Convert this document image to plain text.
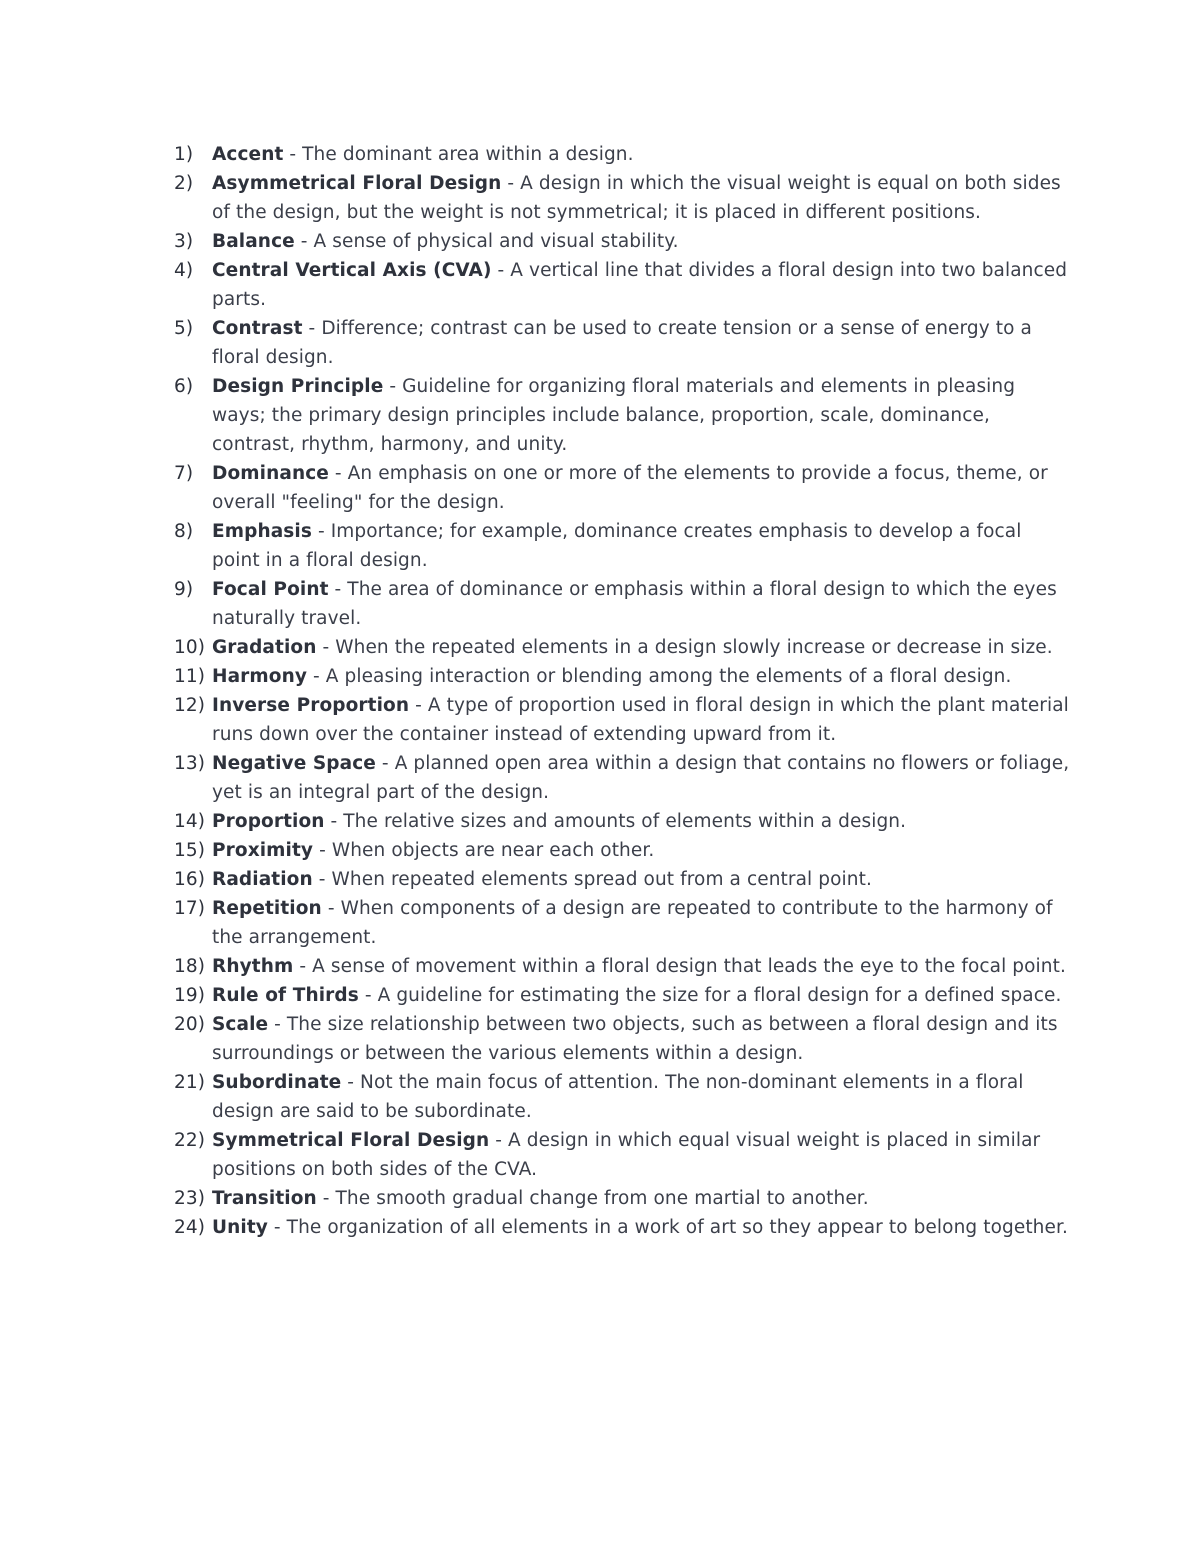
1)	Accent - The dominant area within a design.
2)	Asymmetrical Floral Design - A design in which the visual weight is equal on both sides of the design, but the weight is not symmetrical; it is placed in different positions.
3)	Balance - A sense of physical and visual stability.
4)	Central Vertical Axis (CVA) - A vertical line that divides a floral design into two balanced parts.
5)	Contrast - Difference; contrast can be used to create tension or a sense of energy to a floral design.
6)	Design Principle - Guideline for organizing floral materials and elements in pleasing ways; the primary design principles include balance, proportion, scale, dominance, contrast, rhythm, harmony, and unity.
7)	Dominance - An emphasis on one or more of the elements to provide a focus, theme, or overall "feeling" for the design.
8)	Emphasis - Importance; for example, dominance creates emphasis to develop a focal point in a floral design.
9)	Focal Point - The area of dominance or emphasis within a floral design to which the eyes naturally travel.
10) Gradation - When the repeated elements in a design slowly increase or decrease in size.
11) Harmony - A pleasing interaction or blending among the elements of a floral design.
12) Inverse Proportion - A type of proportion used in floral design in which the plant material runs down over the container instead of extending upward from it.
13) Negative Space - A planned open area within a design that contains no flowers or foliage, yet is an integral part of the design.
14) Proportion - The relative sizes and amounts of elements within a design.
15) Proximity - When objects are near each other.
16) Radiation - When repeated elements spread out from a central point.
17) Repetition - When components of a design are repeated to contribute to the harmony of the arrangement.
18) Rhythm - A sense of movement within a floral design that leads the eye to the focal point.
19) Rule of Thirds - A guideline for estimating the size for a floral design for a defined space.
20) Scale - The size relationship between two objects, such as between a floral design and its surroundings or between the various elements within a design.
21) Subordinate - Not the main focus of attention. The non-dominant elements in a floral design are said to be subordinate.
22) Symmetrical Floral Design - A design in which equal visual weight is placed in similar positions on both sides of the CVA.
23) Transition - The smooth gradual change from one martial to another.
24) Unity - The organization of all elements in a work of art so they appear to belong together.
